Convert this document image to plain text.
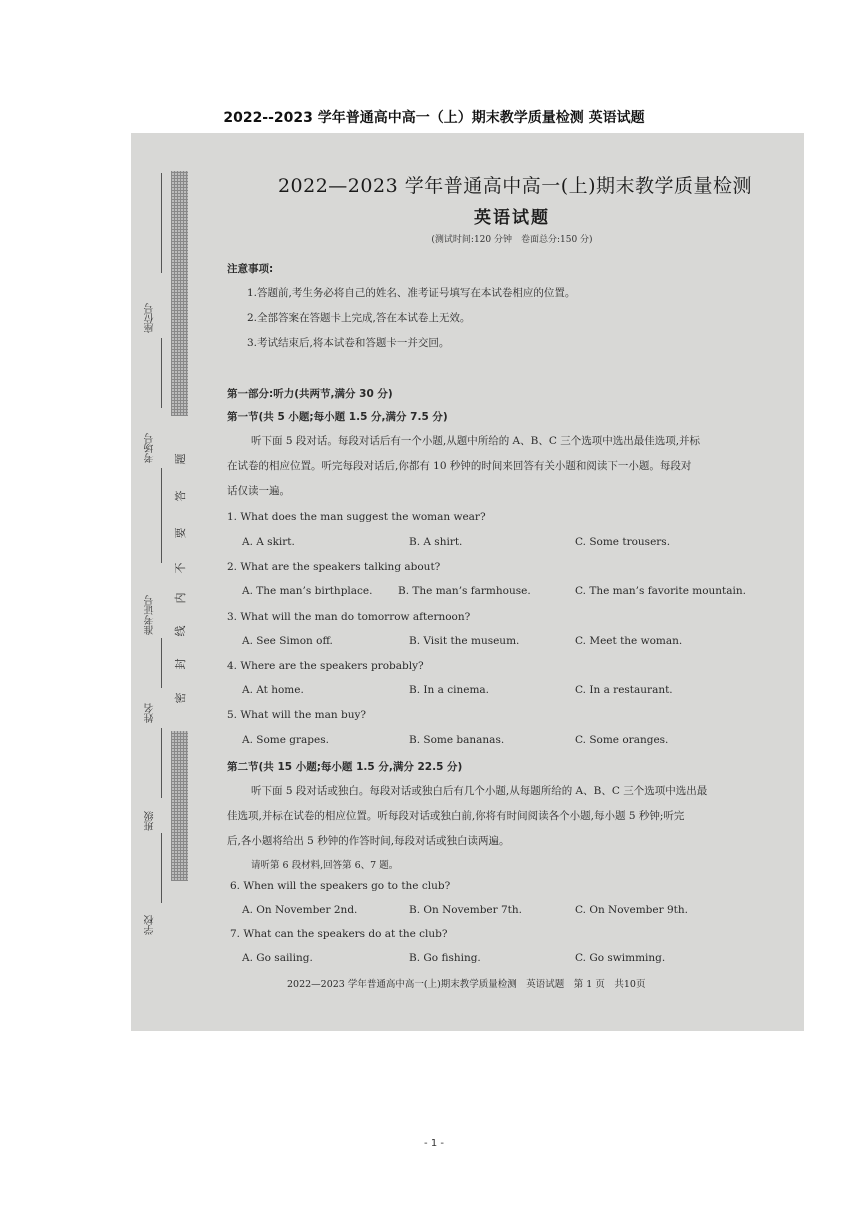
2022--2023 学年普通高中高一（上）期末教学质量检测 英语试题
座位号
考场号
准考证号
姓名
班级
学校
题
答
要
不
内
线
封
密
2022—2023 学年普通高中高一(上)期末教学质量检测
英语试题
(测试时间:120 分钟　卷面总分:150 分)
注意事项:
1.答题前,考生务必将自己的姓名、准考证号填写在本试卷相应的位置。
2.全部答案在答题卡上完成,答在本试卷上无效。
3.考试结束后,将本试卷和答题卡一并交回。
第一部分:听力(共两节,满分 30 分)
第一节(共 5 小题;每小题 1.5 分,满分 7.5 分)
听下面 5 段对话。每段对话后有一个小题,从题中所给的 A、B、C 三个选项中选出最佳选项,并标
在试卷的相应位置。听完每段对话后,你都有 10 秒钟的时间来回答有关小题和阅读下一小题。每段对
话仅读一遍。
1. What does the man suggest the woman wear?
A. A skirt.	B. A shirt.	C. Some trousers.
2. What are the speakers talking about?
A. The man’s birthplace. B. The man’s farmhouse.	C. The man’s favorite mountain.
3. What will the man do tomorrow afternoon?
A. See Simon off.	B. Visit the museum.	C. Meet the woman.
4. Where are the speakers probably?
A. At home.	B. In a cinema.	C. In a restaurant.
5. What will the man buy?
A. Some grapes.	B. Some bananas.	C. Some oranges.
第二节(共 15 小题;每小题 1.5 分,满分 22.5 分)
听下面 5 段对话或独白。每段对话或独白后有几个小题,从每题所给的 A、B、C 三个选项中选出最
佳选项,并标在试卷的相应位置。听每段对话或独白前,你将有时间阅读各个小题,每小题 5 秒钟;听完
后,各小题将给出 5 秒钟的作答时间,每段对话或独白读两遍。
请听第 6 段材料,回答第 6、7 题。
6. When will the speakers go to the club?
A. On November 2nd.	B. On November 7th.	C. On November 9th.
7. What can the speakers do at the club?
A. Go sailing.	B. Go fishing.	C. Go swimming.
2022—2023 学年普通高中高一(上)期末教学质量检测　英语试题　第 1 页　共10页
- 1 -
